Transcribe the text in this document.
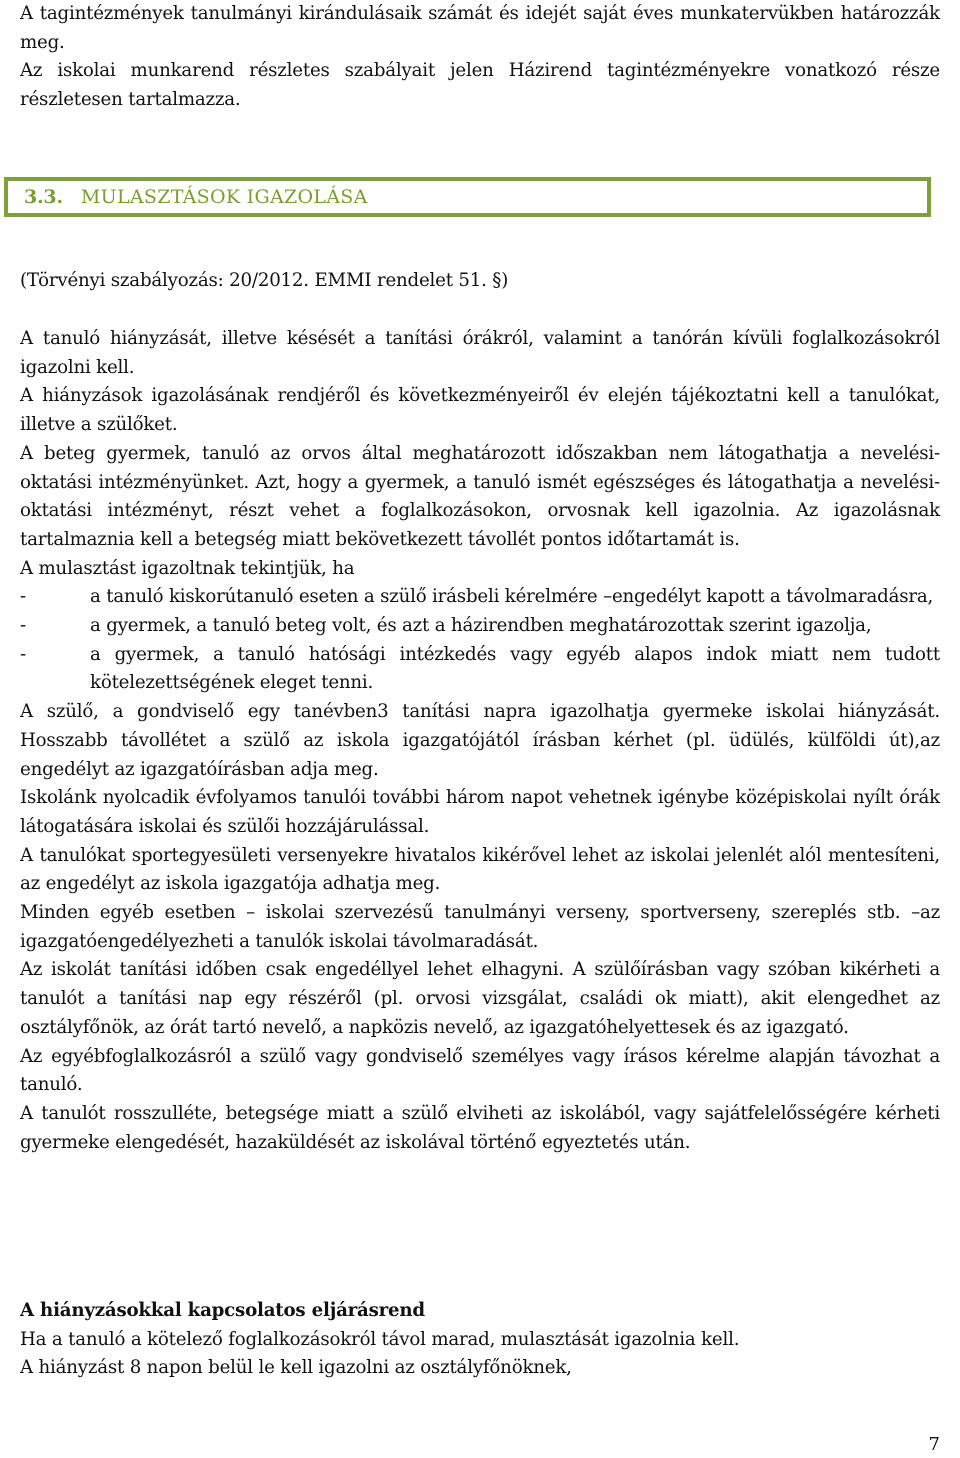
A tagintézmények tanulmányi kirándulásaik számát és idejét saját éves munkatervükben határozzák meg.

Az iskolai munkarend részletes szabályait jelen Házirend tagintézményekre vonatkozó része részletesen tartalmazza.

3.3. MULASZTÁSOK IGAZOLÁSA

(Törvényi szabályozás: 20/2012. EMMI rendelet 51. §)

A tanuló hiányzását, illetve késését a tanítási órákról, valamint a tanórán kívüli foglalkozásokról igazolni kell.

A hiányzások igazolásának rendjéről és következményeiről év elején tájékoztatni kell a tanulókat, illetve a szülőket.

A beteg gyermek, tanuló az orvos által meghatározott időszakban nem látogathatja a nevelési-oktatási intézményünket. Azt, hogy a gyermek, a tanuló ismét egészséges és látogathatja a nevelési-oktatási intézményt, részt vehet a foglalkozásokon, orvosnak kell igazolnia. Az igazolásnak tartalmaznia kell a betegség miatt bekövetkezett távollét pontos időtartamát is.

A mulasztást igazoltnak tekintjük, ha

-	a tanuló kiskorútanuló eseten a szülő irásbeli kérelmére –engedélyt kapott a távolmaradásra,
-	a gyermek, a tanuló beteg volt, és azt a házirendben meghatározottak szerint igazolja,
-	a gyermek, a tanuló hatósági intézkedés vagy egyéb alapos indok miatt nem tudott kötelezettségének eleget tenni.

A szülő, a gondviselő egy tanévben3 tanítási napra igazolhatja gyermeke iskolai hiányzását. Hosszabb távollétet a szülő az iskola igazgatójától írásban kérhet (pl. üdülés, külföldi út),az engedélyt az igazgatóírásban adja meg.

Iskolánk nyolcadik évfolyamos tanulói további három napot vehetnek igénybe középiskolai nyílt órák látogatására iskolai és szülői hozzájárulással.

A tanulókat sportegyesületi versenyekre hivatalos kikérővel lehet az iskolai jelenlét alól mentesíteni, az engedélyt az iskola igazgatója adhatja meg.

Minden egyéb esetben – iskolai szervezésű tanulmányi verseny, sportverseny, szereplés stb. –az igazgatóengedélyezheti a tanulók iskolai távolmaradását.

Az iskolát tanítási időben csak engedéllyel lehet elhagyni. A szülőírásban vagy szóban kikérheti a tanulót a tanítási nap egy részéről (pl. orvosi vizsgálat, családi ok miatt), akit elengedhet az osztályfőnök, az órát tartó nevelő, a napközis nevelő, az igazgatóhelyettesek és az igazgató.

Az egyébfoglalkozásról a szülő vagy gondviselő személyes vagy írásos kérelme alapján távozhat a tanuló.

A tanulót rosszulléte, betegsége miatt a szülő elviheti az iskolából, vagy sajátfelelősségére kérheti gyermeke elengedését, hazaküldését az iskolával történő egyeztetés után.

A hiányzásokkal kapcsolatos eljárásrend

Ha a tanuló a kötelező foglalkozásokról távol marad, mulasztását igazolnia kell.

A hiányzást 8 napon belül le kell igazolni az osztályfőnöknek,

7
